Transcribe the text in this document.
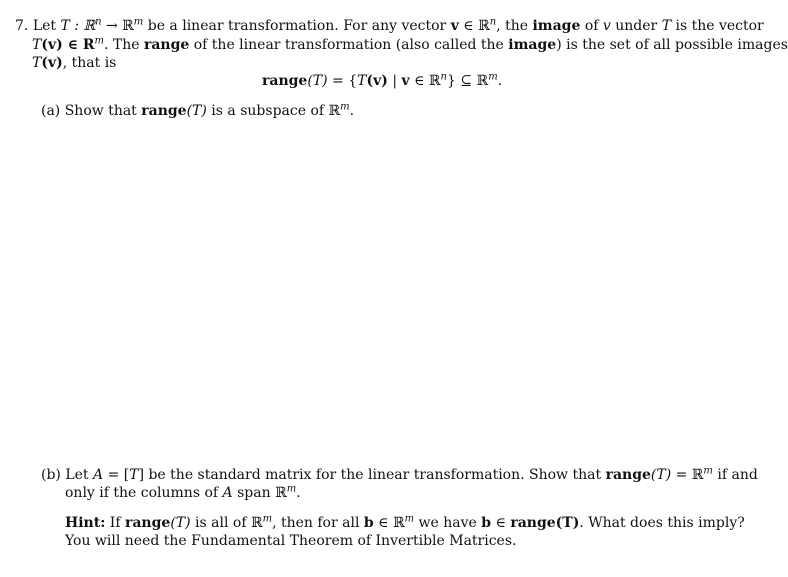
7. Let T : ℝ$^n$ → ℝ$^m$ be a linear transformation. For any vector v ∈ ℝ$^n$, the image of v under T is the vector
T(v) ∈ $R^m$. The range of the linear transformation (also called the image) is the set of all possible images
T(v), that is
range(T) = {T(v) | v ∈ ℝ$^n$} ⊆ ℝ$^m$.
(a) Show that range(T) is a subspace of ℝ$^m$.
(b) Let A = [T] be the standard matrix for the linear transformation. Show that range(T) = ℝ$^m$ if and
only if the columns of A span ℝ$^m$.
Hint: If range(T) is all of ℝ$^m$, then for all b ∈ ℝ$^m$ we have b ∈ range(T). What does this imply?
You will need the Fundamental Theorem of Invertible Matrices.
